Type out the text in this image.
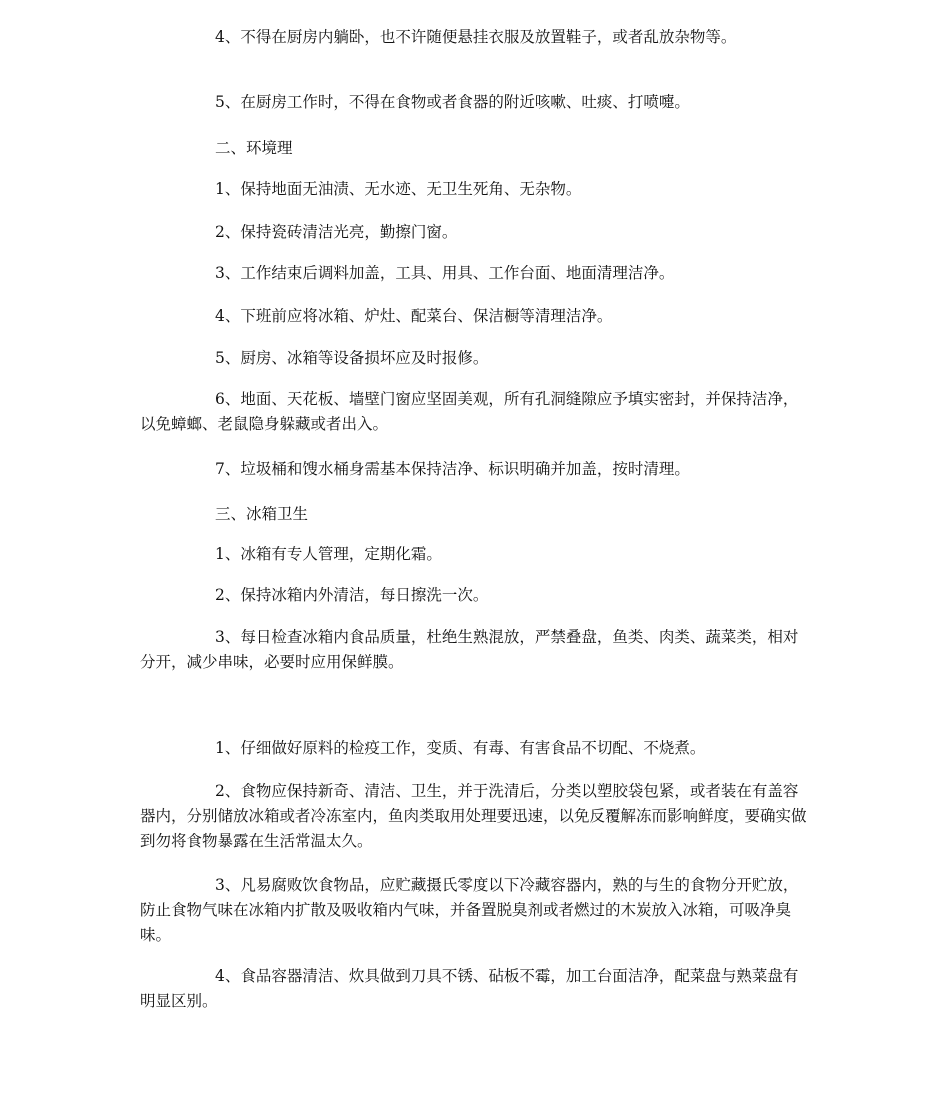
4、不得在厨房内躺卧，也不许随便悬挂衣服及放置鞋子，或者乱放杂物等。

5、在厨房工作时，不得在食物或者食器的附近咳嗽、吐痰、打喷嚏。

二、环境理

1、保持地面无油渍、无水迹、无卫生死角、无杂物。

2、保持瓷砖清洁光亮，勤擦门窗。

3、工作结束后调料加盖，工具、用具、工作台面、地面清理洁净。

4、下班前应将冰箱、炉灶、配菜台、保洁橱等清理洁净。

5、厨房、冰箱等设备损坏应及时报修。

6、地面、天花板、墙壁门窗应坚固美观，所有孔洞缝隙应予填实密封，并保持洁净，以免蟑螂、老鼠隐身躲藏或者出入。

7、垃圾桶和馊水桶身需基本保持洁净、标识明确并加盖，按时清理。

三、冰箱卫生

1、冰箱有专人管理，定期化霜。

2、保持冰箱内外清洁，每日擦洗一次。

3、每日检查冰箱内食品质量，杜绝生熟混放，严禁叠盘，鱼类、肉类、蔬菜类，相对分开，减少串味，必要时应用保鲜膜。

1、仔细做好原料的检疫工作，变质、有毒、有害食品不切配、不烧煮。

2、食物应保持新奇、清洁、卫生，并于洗清后，分类以塑胶袋包紧，或者装在有盖容器内，分别储放冰箱或者冷冻室内，鱼肉类取用处理要迅速，以免反覆解冻而影响鲜度，要确实做到勿将食物暴露在生活常温太久。

3、凡易腐败饮食物品，应贮藏摄氏零度以下冷藏容器内，熟的与生的食物分开贮放，防止食物气味在冰箱内扩散及吸收箱内气味，并备置脱臭剂或者燃过的木炭放入冰箱，可吸净臭味。

4、食品容器清洁、炊具做到刀具不锈、砧板不霉，加工台面洁净，配菜盘与熟菜盘有明显区别。
